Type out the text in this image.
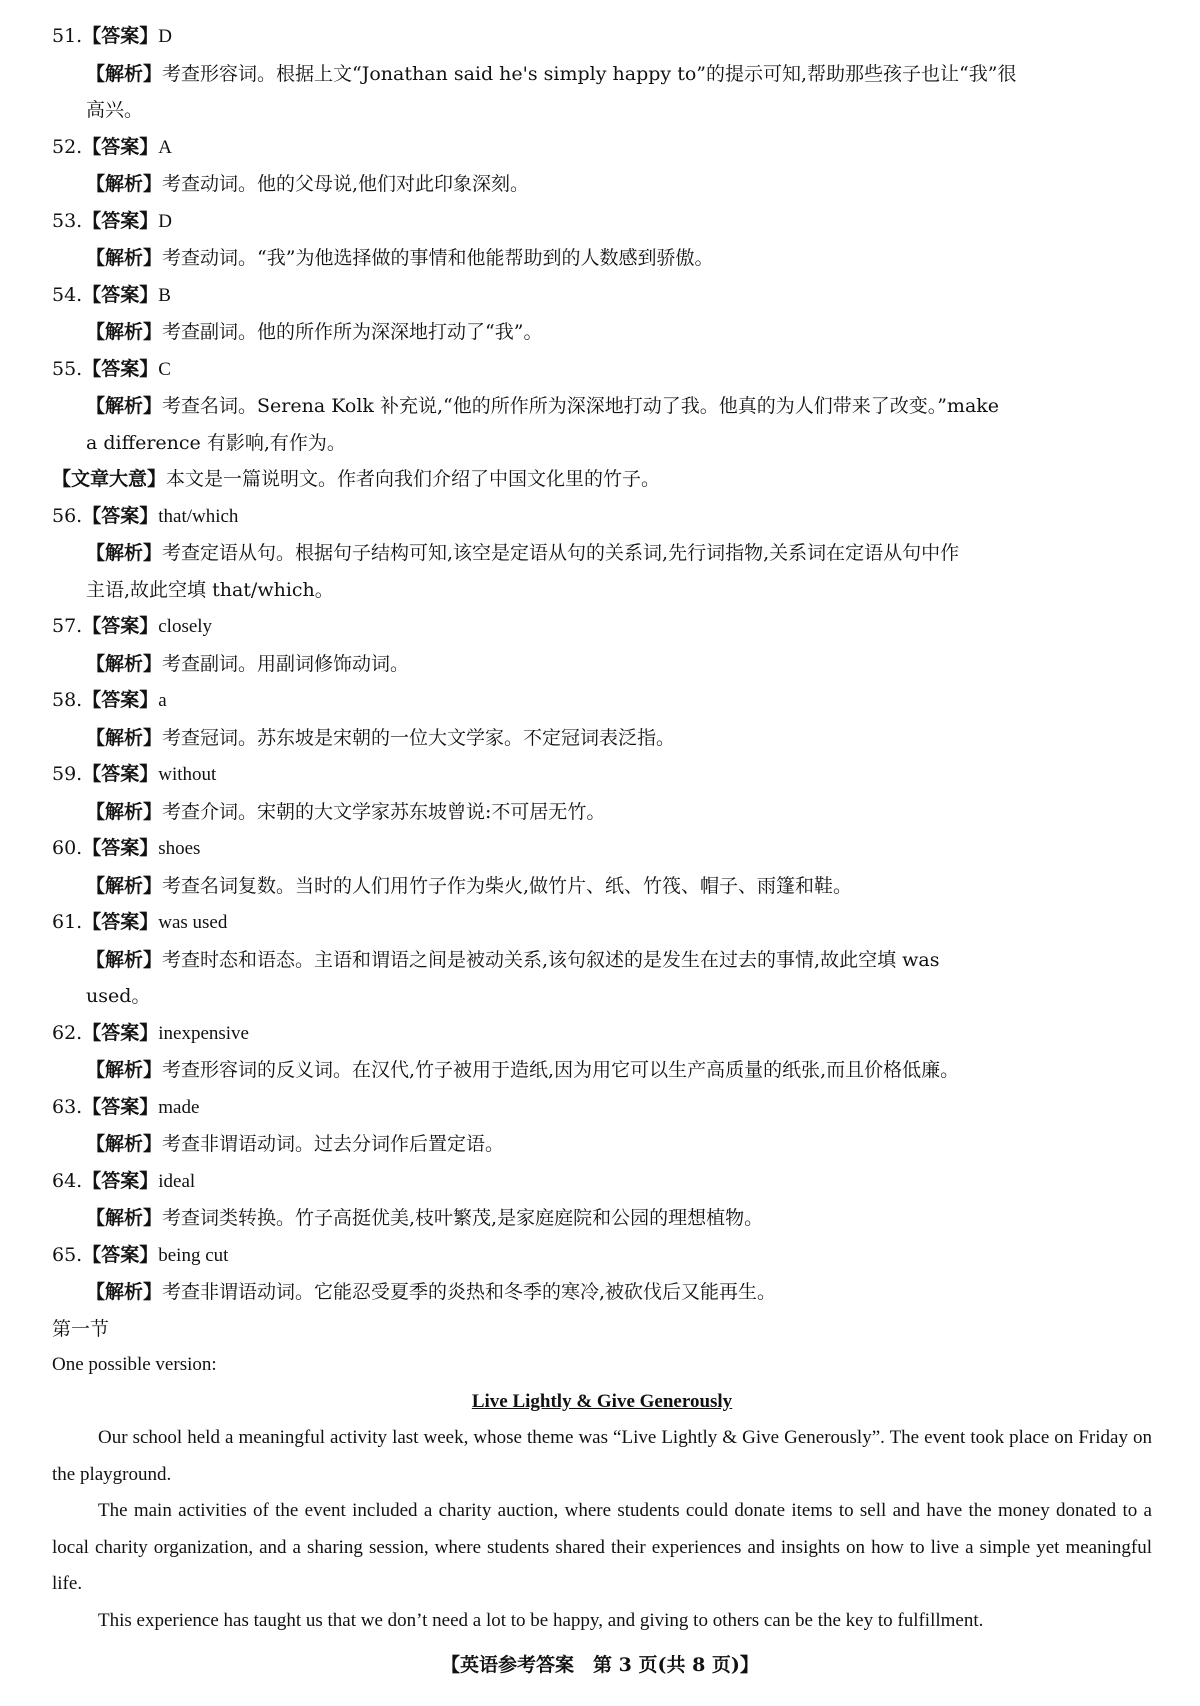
51.【答案】D

【解析】考查形容词。根据上文“Jonathan said he's simply happy to”的提示可知,帮助那些孩子也让“我”很

高兴。

52.【答案】A

【解析】考查动词。他的父母说,他们对此印象深刻。

53.【答案】D

【解析】考查动词。“我”为他选择做的事情和他能帮助到的人数感到骄傲。

54.【答案】B

【解析】考查副词。他的所作所为深深地打动了“我”。

55.【答案】C

【解析】考查名词。Serena Kolk 补充说,“他的所作所为深深地打动了我。他真的为人们带来了改变。”make

a difference 有影响,有作为。

【文章大意】本文是一篇说明文。作者向我们介绍了中国文化里的竹子。

56.【答案】that/which

【解析】考查定语从句。根据句子结构可知,该空是定语从句的关系词,先行词指物,关系词在定语从句中作

主语,故此空填 that/which。

57.【答案】closely

【解析】考查副词。用副词修饰动词。

58.【答案】a

【解析】考查冠词。苏东坡是宋朝的一位大文学家。不定冠词表泛指。

59.【答案】without

【解析】考查介词。宋朝的大文学家苏东坡曾说:不可居无竹。

60.【答案】shoes

【解析】考查名词复数。当时的人们用竹子作为柴火,做竹片、纸、竹筏、帽子、雨篷和鞋。

61.【答案】was used

【解析】考查时态和语态。主语和谓语之间是被动关系,该句叙述的是发生在过去的事情,故此空填 was

used。

62.【答案】inexpensive

【解析】考查形容词的反义词。在汉代,竹子被用于造纸,因为用它可以生产高质量的纸张,而且价格低廉。

63.【答案】made

【解析】考查非谓语动词。过去分词作后置定语。

64.【答案】ideal

【解析】考查词类转换。竹子高挺优美,枝叶繁茂,是家庭庭院和公园的理想植物。

65.【答案】being cut

【解析】考查非谓语动词。它能忍受夏季的炎热和冬季的寒冷,被砍伐后又能再生。

第一节

One possible version:

Live Lightly & Give Generously

Our school held a meaningful activity last week, whose theme was “Live Lightly & Give Generously”. The event took place on Friday on the playground.

The main activities of the event included a charity auction, where students could donate items to sell and have the money donated to a local charity organization, and a sharing session, where students shared their experiences and insights on how to live a simple yet meaningful life.

This experience has taught us that we don’t need a lot to be happy, and giving to others can be the key to fulfillment.

【英语参考答案　第 3 页(共 8 页)】
